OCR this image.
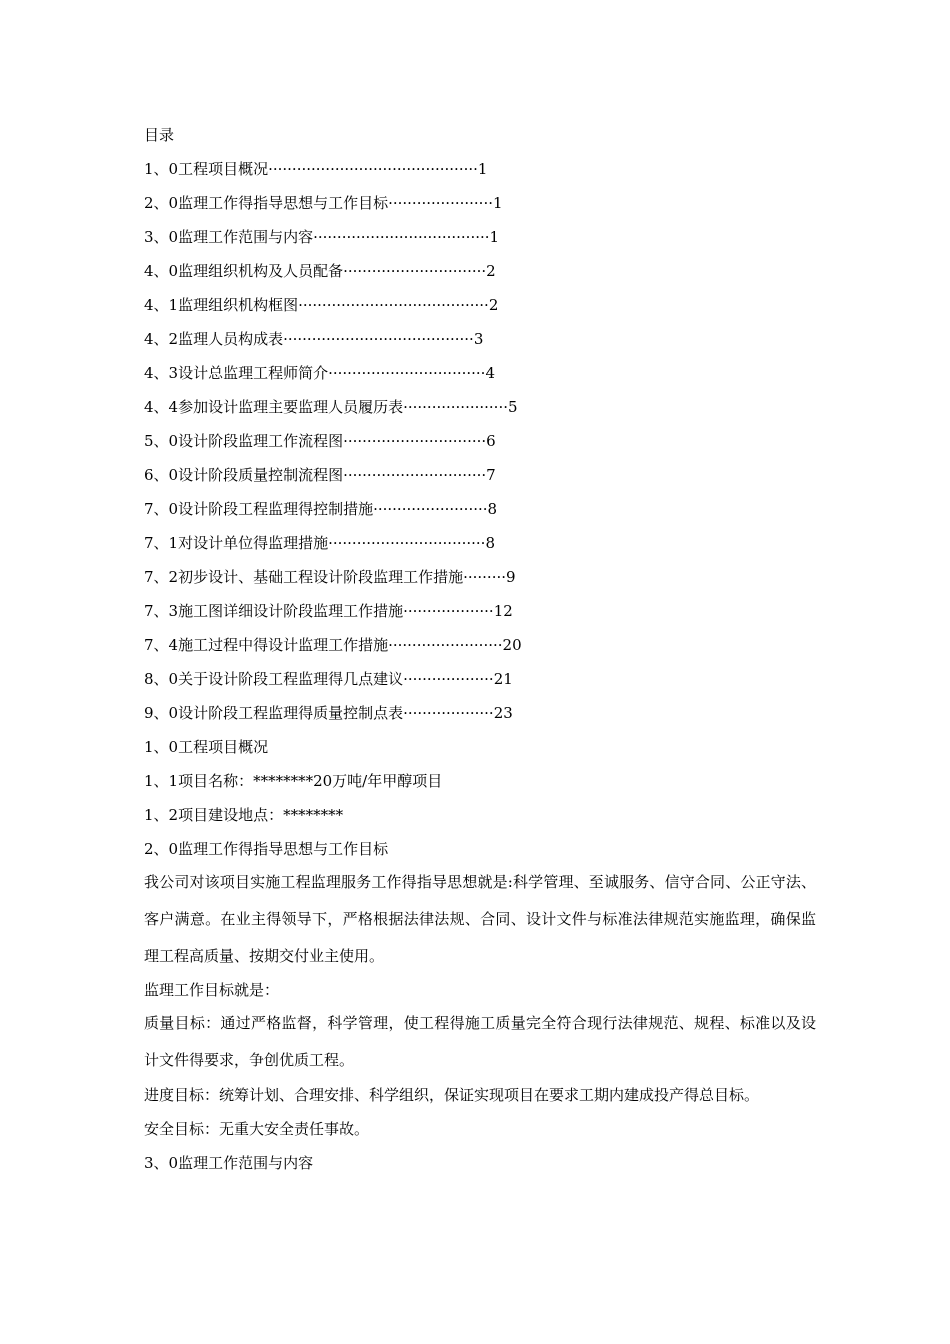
目录
1、0工程项目概况············································1
2、0监理工作得指导思想与工作目标······················1
3、0监理工作范围与内容·····································1
4、0监理组织机构及人员配备······························2
4、1监理组织机构框图········································2
4、2监理人员构成表········································3
4、3设计总监理工程师简介·································4
4、4参加设计监理主要监理人员履历表······················5
5、0设计阶段监理工作流程图······························6
6、0设计阶段质量控制流程图······························7
7、0设计阶段工程监理得控制措施························8
7、1对设计单位得监理措施·································8
7、2初步设计、基础工程设计阶段监理工作措施·········9
7、3施工图详细设计阶段监理工作措施···················12
7、4施工过程中得设计监理工作措施························20
8、0关于设计阶段工程监理得几点建议···················21
9、0设计阶段工程监理得质量控制点表···················23
1、0工程项目概况
1、1项目名称：********20万吨/年甲醇项目
1、2项目建设地点：********
2、0监理工作得指导思想与工作目标
我公司对该项目实施工程监理服务工作得指导思想就是:科学管理、至诚服务、信守合同、公正守法、客户满意。在业主得领导下，严格根据法律法规、合同、设计文件与标准法律规范实施监理，确保监理工程高质量、按期交付业主使用。
监理工作目标就是：
质量目标：通过严格监督，科学管理，使工程得施工质量完全符合现行法律规范、规程、标准以及设计文件得要求，争创优质工程。
进度目标：统筹计划、合理安排、科学组织，保证实现项目在要求工期内建成投产得总目标。
安全目标：无重大安全责任事故。
3、0监理工作范围与内容
